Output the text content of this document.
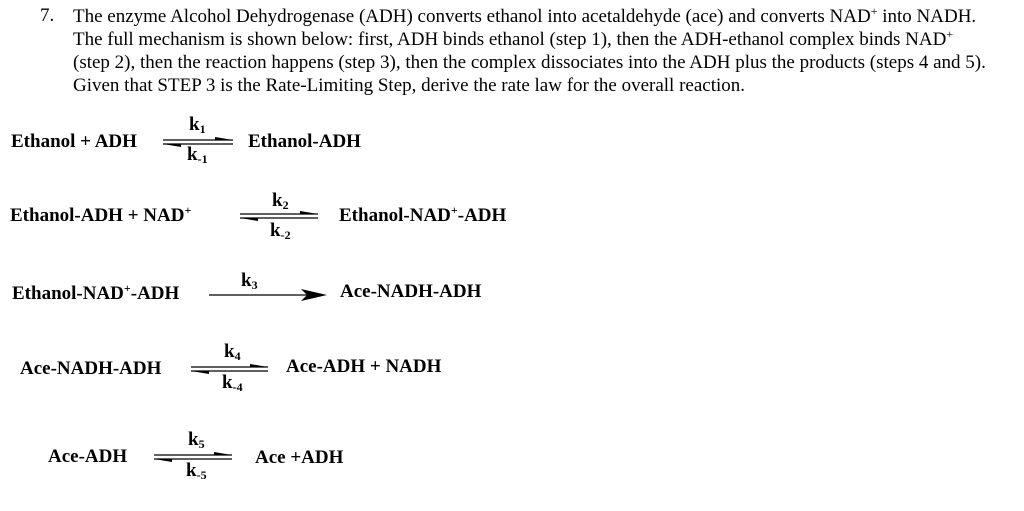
7. The enzyme Alcohol Dehydrogenase (ADH) converts ethanol into acetaldehyde (ace) and converts NAD+ into NADH. The full mechanism is shown below: first, ADH binds ethanol (step 1), then the ADH-ethanol complex binds NAD+ (step 2), then the reaction happens (step 3), then the complex dissociates into the ADH plus the products (steps 4 and 5). Given that STEP 3 is the Rate-Limiting Step, derive the rate law for the overall reaction.
Ethanol + ADH
$k_1$
$k_{-1}$
Ethanol-ADH
Ethanol-ADH + NAD+	$k_2$
$k_{-2}$
Ethanol-NAD+-ADH
Ethanol-NAD+-ADH
$k_3$	Ace-NADH-ADH
Ace-NADH-ADH
$k_4$
$k_{-4}$
Ace-ADH + NADH
Ace-ADH
$k_5$
$k_{-5}$
Ace +ADH
